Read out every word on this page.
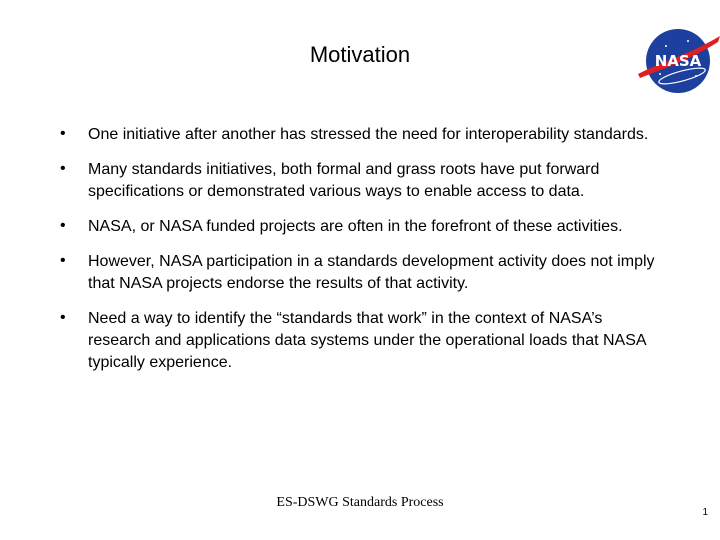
Motivation	NASA
• One initiative after another has stressed the need for interoperability standards.
• Many standards initiatives, both formal and grass roots have put forward specifications or demonstrated various ways to enable access to data.
• NASA, or NASA funded projects are often in the forefront of these activities.
• However, NASA participation in a standards development activity does not imply that NASA projects endorse the results of that activity.
• Need a way to identify the “standards that work” in the context of NASA’s research and applications data systems under the operational loads that NASA typically experience.
ES-DSWG Standards Process
1
